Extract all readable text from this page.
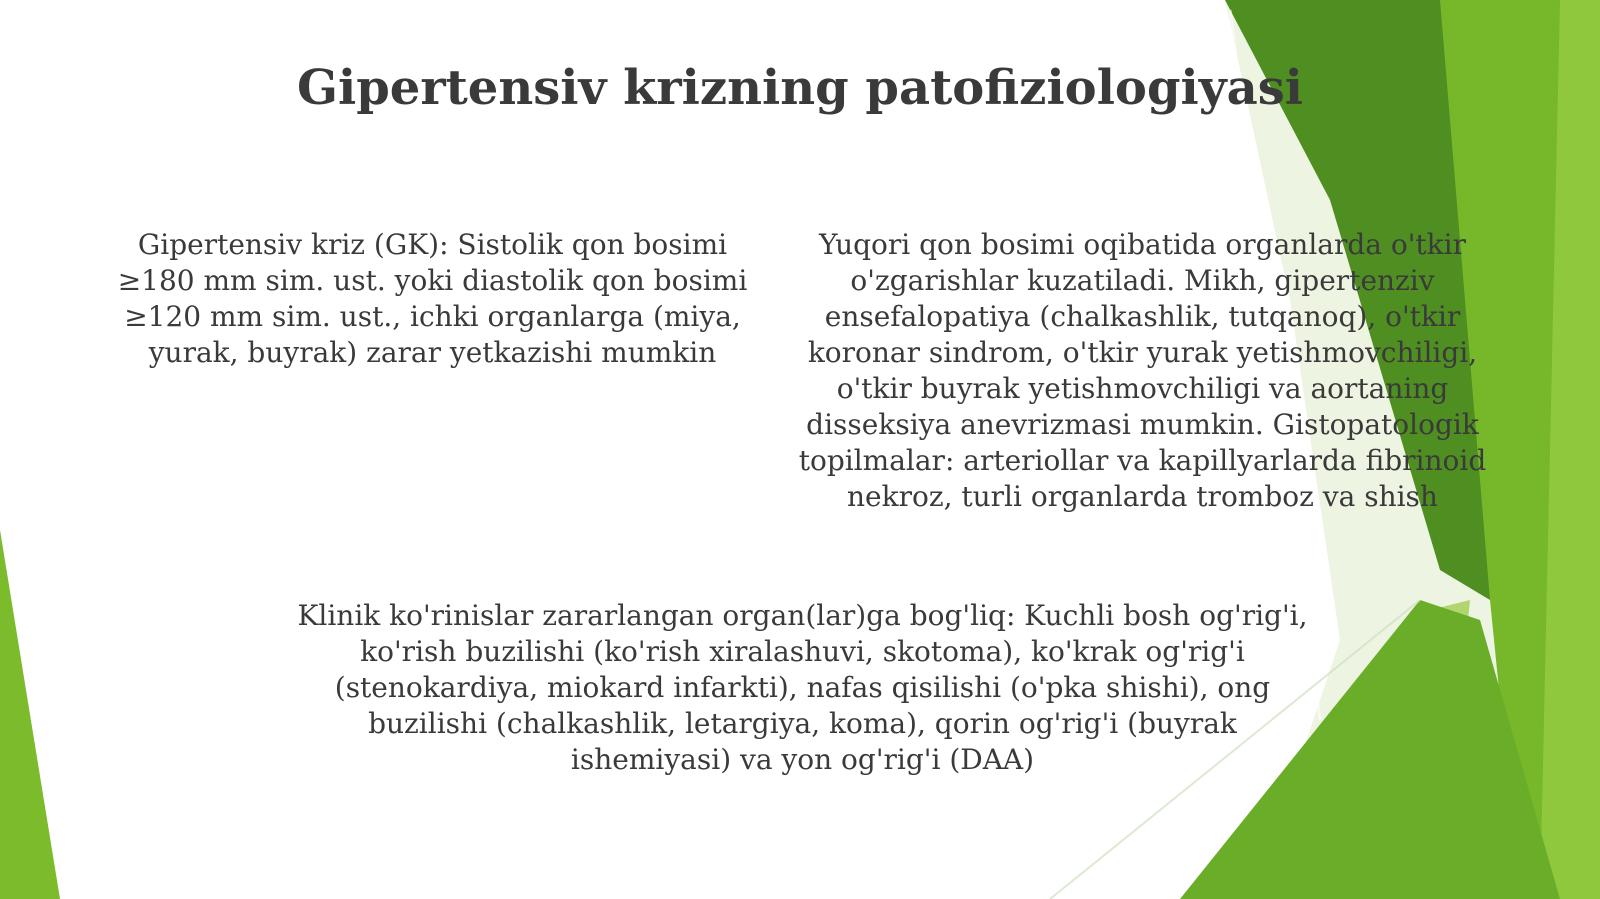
Gipertensiv krizning patofiziologiyasi

Gipertensiv kriz (GK): Sistolik qon bosimi ≥180 mm sim. ust. yoki diastolik qon bosimi ≥120 mm sim. ust., ichki organlarga (miya, yurak, buyrak) zarar yetkazishi mumkin

Yuqori qon bosimi oqibatida organlarda o'tkir o'zgarishlar kuzatiladi. Mikh, gipertenziv ensefalopatiya (chalkashlik, tutqanoq), o'tkir koronar sindrom, o'tkir yurak yetishmovchiligi, o'tkir buyrak yetishmovchiligi va aortaning disseksiya anevrizmasi mumkin. Gistopatologik topilmalar: arteriollar va kapillyarlarda fibrinoid nekroz, turli organlarda tromboz va shish

Klinik ko'rinislar zararlangan organ(lar)ga bog'liq: Kuchli bosh og'rig'i, ko'rish buzilishi (ko'rish xiralashuvi, skotoma), ko'krak og'rig'i (stenokardiya, miokard infarkti), nafas qisilishi (o'pka shishi), ong buzilishi (chalkashlik, letargiya, koma), qorin og'rig'i (buyrak ishemiyasi) va yon og'rig'i (DAA)
